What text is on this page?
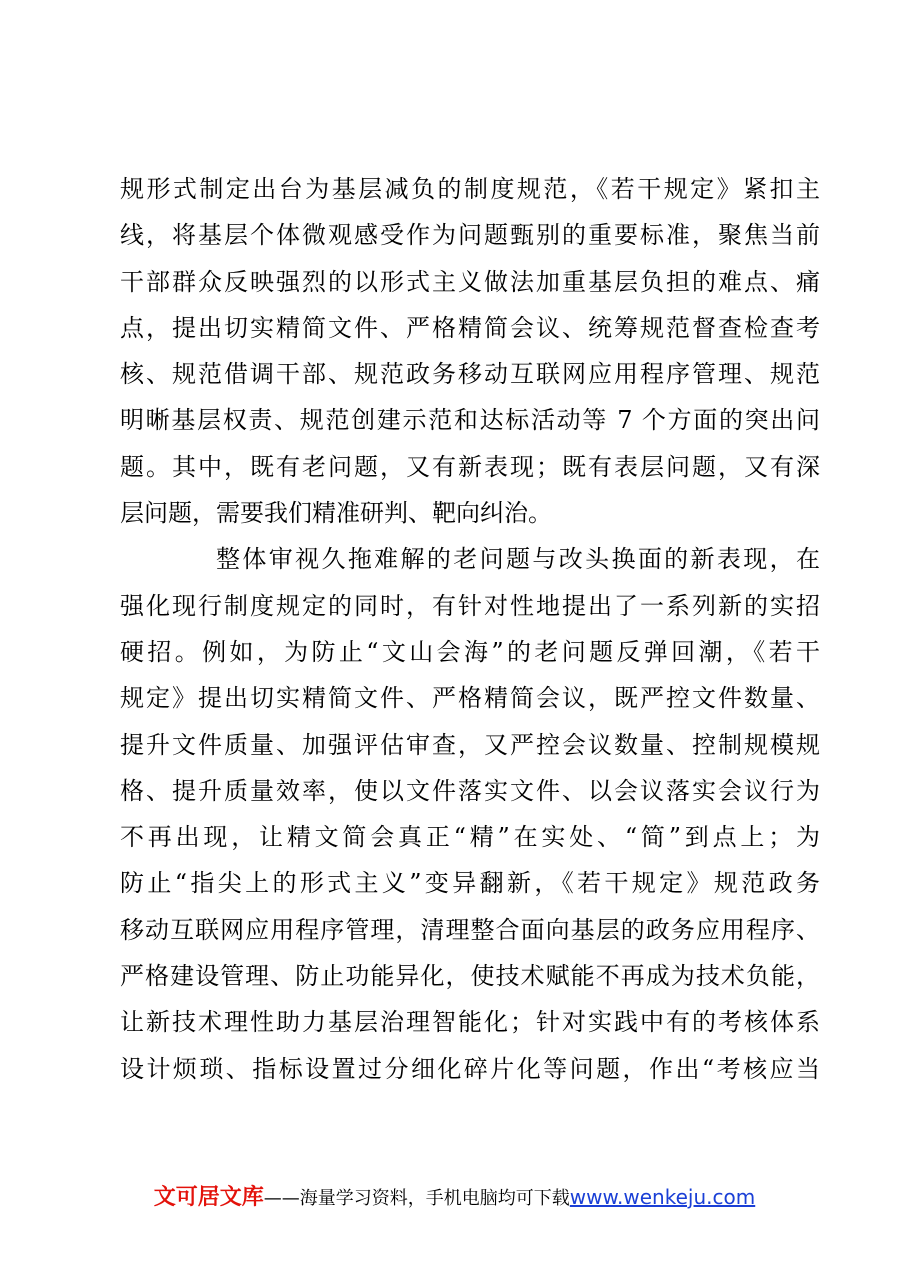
规形式制定出台为基层减负的制度规范，《若干规定》紧扣主
线，将基层个体微观感受作为问题甄别的重要标准，聚焦当前
干部群众反映强烈的以形式主义做法加重基层负担的难点、痛
点，提出切实精简文件、严格精简会议、统筹规范督查检查考
核、规范借调干部、规范政务移动互联网应用程序管理、规范
明晰基层权责、规范创建示范和达标活动等 7 个方面的突出问
题。其中，既有老问题，又有新表现；既有表层问题，又有深
层问题，需要我们精准研判、靶向纠治。
整体审视久拖难解的老问题与改头换面的新表现，在
强化现行制度规定的同时，有针对性地提出了一系列新的实招
硬招。例如，为防止“文山会海”的老问题反弹回潮，《若干
规定》提出切实精简文件、严格精简会议，既严控文件数量、
提升文件质量、加强评估审查，又严控会议数量、控制规模规
格、提升质量效率，使以文件落实文件、以会议落实会议行为
不再出现，让精文简会真正“精”在实处、“简”到点上；为
防止“指尖上的形式主义”变异翻新，《若干规定》规范政务
移动互联网应用程序管理，清理整合面向基层的政务应用程序、
严格建设管理、防止功能异化，使技术赋能不再成为技术负能，
让新技术理性助力基层治理智能化；针对实践中有的考核体系
设计烦琐、指标设置过分细化碎片化等问题，作出“考核应当
文可居文库——海量学习资料，手机电脑均可下载www.wenkeju.com
